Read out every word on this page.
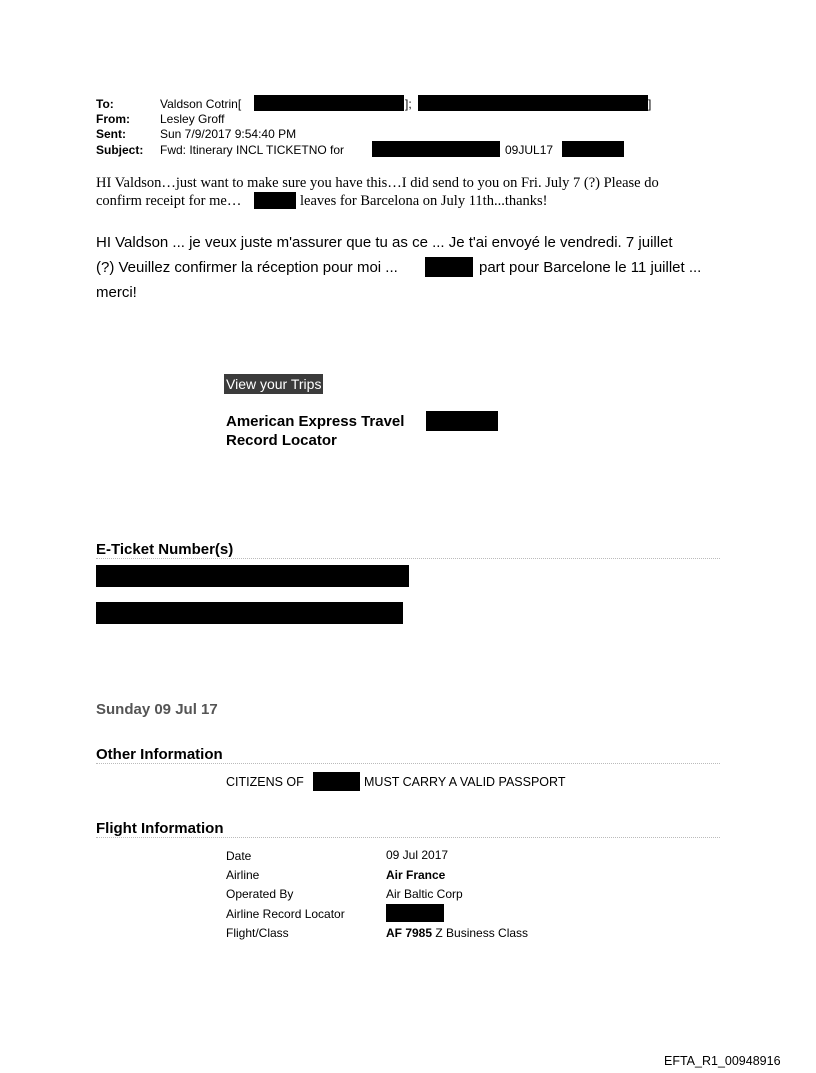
To:	Valdson Cotrin[	];	]
From:	Lesley Groff
Sent:	Sun 7/9/2017 9:54:40 PM
Subject: Fwd: Itinerary INCL TICKETNO for	09JUL17
HI Valdson…just want to make sure you have this…I did send to you on Fri. July 7 (?) Please do
confirm receipt for me…	leaves for Barcelona on July 11th...thanks!
HI Valdson ... je veux juste m'assurer que tu as ce ... Je t'ai envoyé le vendredi. 7 juillet
(?) Veuillez confirmer la réception pour moi ...	part pour Barcelone le 11 juillet ...
merci!
View your Trips
American Express Travel
Record Locator
E-Ticket Number(s)
Sunday 09 Jul 17
Other Information
CITIZENS OF	MUST CARRY A VALID PASSPORT
Flight Information
Date	09 Jul 2017
Airline	Air France
Operated By	Air Baltic Corp
Airline Record Locator
Flight/Class	AF 7985 Z Business Class
EFTA_R1_00948916
